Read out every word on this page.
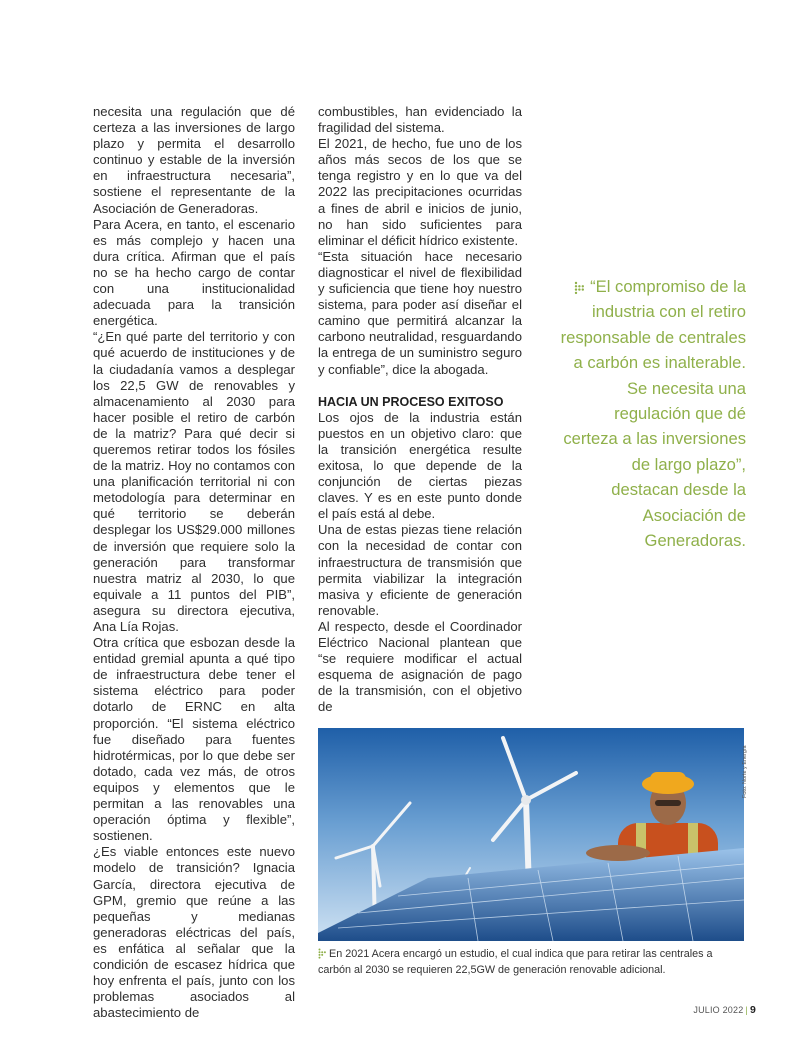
necesita una regulación que dé certeza a las inversiones de largo plazo y permita el desarrollo continuo y estable de la inversión en infraestructura necesaria”, sostiene el representante de la Asociación de Generadoras.

Para Acera, en tanto, el escenario es más complejo y hacen una dura crítica. Afirman que el país no se ha hecho cargo de contar con una institucionalidad adecuada para la transición energética.

“¿En qué parte del territorio y con qué acuerdo de instituciones y de la ciudadanía vamos a desplegar los 22,5 GW de renovables y almacenamiento al 2030 para hacer posible el retiro de carbón de la matriz? Para qué decir si queremos retirar todos los fósiles de la matriz. Hoy no contamos con una planificación territorial ni con metodología para determinar en qué territorio se deberán desplegar los US$29.000 millones de inversión que requiere solo la generación para transformar nuestra matriz al 2030, lo que equivale a 11 puntos del PIB”, asegura su directora ejecutiva, Ana Lía Rojas.

Otra crítica que esbozan desde la entidad gremial apunta a qué tipo de infraestructura debe tener el sistema eléctrico para poder dotarlo de ERNC en alta proporción. “El sistema eléctrico fue diseñado para fuentes hidrotérmicas, por lo que debe ser dotado, cada vez más, de otros equipos y elementos que le permitan a las renovables una operación óptima y flexible”, sostienen.

¿Es viable entonces este nuevo modelo de transición? Ignacia García, directora ejecutiva de GPM, gremio que reúne a las pequeñas y medianas generadoras eléctricas del país, es enfática al señalar que la condición de escasez hídrica que hoy enfrenta el país, junto con los problemas asociados al abastecimiento de

combustibles, han evidenciado la fragilidad del sistema.

El 2021, de hecho, fue uno de los años más secos de los que se tenga registro y en lo que va del 2022 las precipitaciones ocurridas a fines de abril e inicios de junio, no han sido suficientes para eliminar el déficit hídrico existente.

“Esta situación hace necesario diagnosticar el nivel de flexibilidad y suficiencia que tiene hoy nuestro sistema, para poder así diseñar el camino que permitirá alcanzar la carbono neutralidad, resguardando la entrega de un suministro seguro y confiable”, dice la abogada.

HACIA UN PROCESO EXITOSO

Los ojos de la industria están puestos en un objetivo claro: que la transición energética resulte exitosa, lo que depende de la conjunción de ciertas piezas claves. Y es en este punto donde el país está al debe.

Una de estas piezas tiene relación con la necesidad de contar con infraestructura de transmisión que permita viabilizar la integración masiva y eficiente de generación renovable.

Al respecto, desde el Coordinador Eléctrico Nacional plantean que “se requiere modificar el actual esquema de asignación de pago de la transmisión, con el objetivo de

“El compromiso de la industria con el retiro responsable de centrales a carbón es inalterable. Se necesita una regulación que dé certeza a las inversiones de largo plazo”, destacan desde la Asociación de Generadoras.
Foto: Norte y Energía
En 2021 Acera encargó un estudio, el cual indica que para retirar las centrales a carbón al 2030 se requieren 22,5GW de generación renovable adicional.
JULIO 2022 | 9
